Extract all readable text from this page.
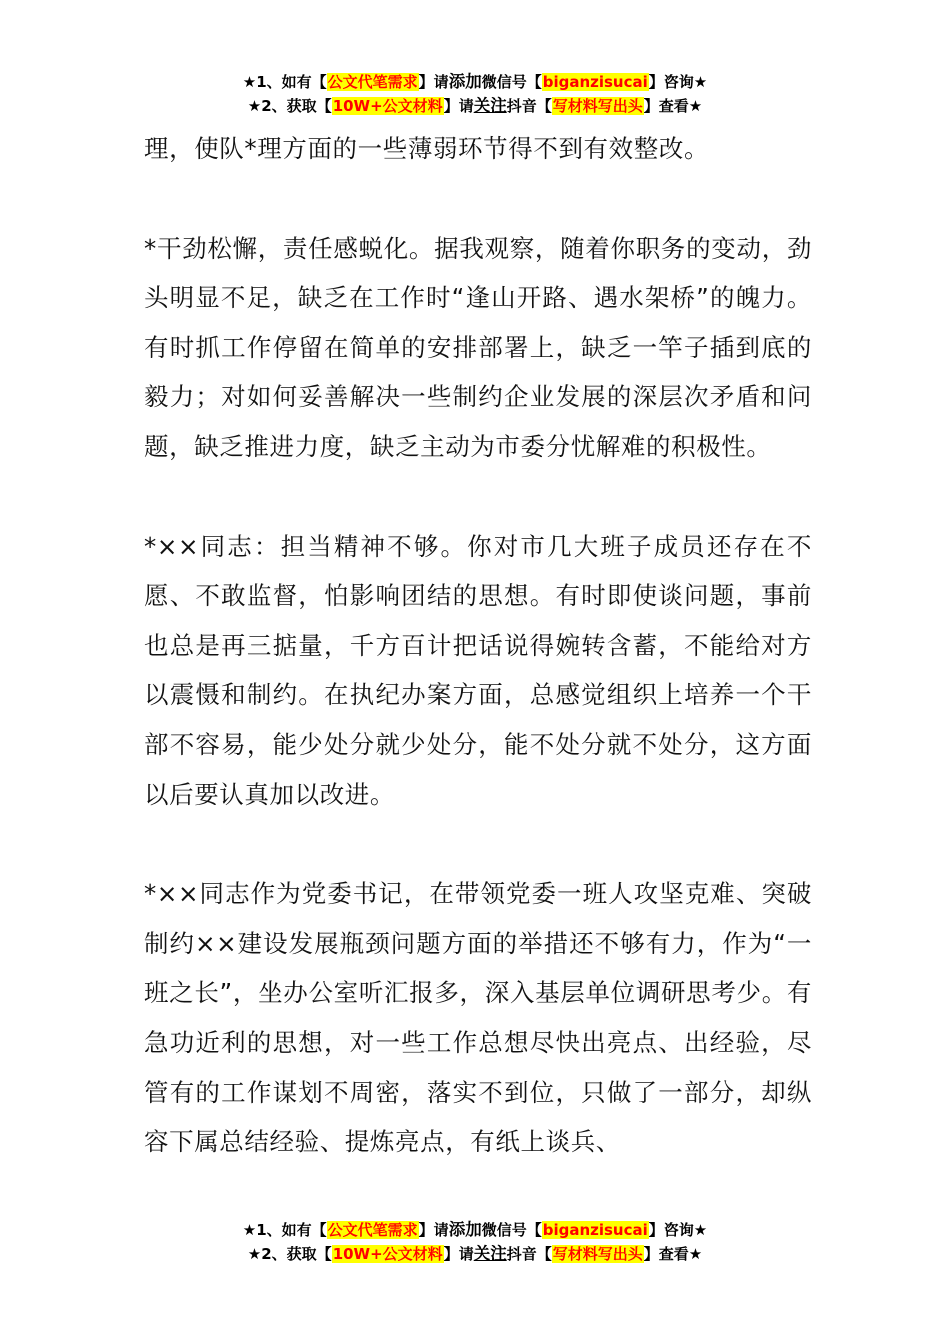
★1、如有【公文代笔需求】请添加微信号【biganzisucai】咨询★
★2、获取【10W+公文材料】请关注抖音【写材料写出头】查看★

理，使队*理方面的一些薄弱环节得不到有效整改。

*干劲松懈，责任感蜕化。据我观察，随着你职务的变动，劲头明显不足，缺乏在工作时“逢山开路、遇水架桥”的魄力。有时抓工作停留在简单的安排部署上，缺乏一竿子插到底的毅力；对如何妥善解决一些制约企业发展的深层次矛盾和问题，缺乏推进力度，缺乏主动为市委分忧解难的积极性。

*××同志：担当精神不够。你对市几大班子成员还存在不愿、不敢监督，怕影响团结的思想。有时即使谈问题，事前也总是再三掂量，千方百计把话说得婉转含蓄，不能给对方以震慑和制约。在执纪办案方面，总感觉组织上培养一个干部不容易，能少处分就少处分，能不处分就不处分，这方面以后要认真加以改进。

*××同志作为党委书记，在带领党委一班人攻坚克难、突破制约××建设发展瓶颈问题方面的举措还不够有力，作为“一班之长”，坐办公室听汇报多，深入基层单位调研思考少。有急功近利的思想，对一些工作总想尽快出亮点、出经验，尽管有的工作谋划不周密，落实不到位，只做了一部分，却纵容下属总结经验、提炼亮点，有纸上谈兵、

★1、如有【公文代笔需求】请添加微信号【biganzisucai】咨询★
★2、获取【10W+公文材料】请关注抖音【写材料写出头】查看★
